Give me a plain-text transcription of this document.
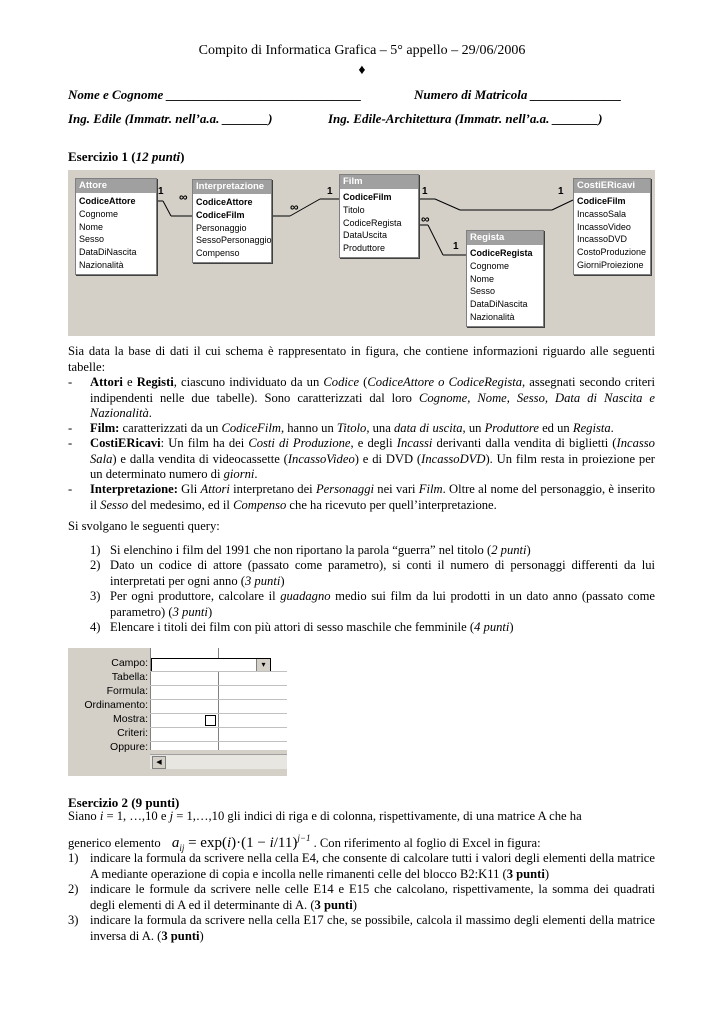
Compito di Informatica Grafica – 5° appello – 29/06/2006
♦
Nome e Cognome ______________________________	Numero di Matricola ______________
Ing. Edile (Immatr. nell’a.a. _______)	Ing. Edile-Architettura (Immatr. nell’a.a. _______)
Esercizio 1 (12 punti)
1 ∞
∞
1	1	1
∞
1
Attore
CodiceAttore
Cognome
Nome
Sesso
DataDiNascita
Nazionalità
Interpretazione
CodiceAttore
CodiceFilm
Personaggio
SessoPersonaggio
Compenso
Film
CodiceFilm
Titolo
CodiceRegista
DataUscita
Produttore
Regista
CodiceRegista
Cognome
Nome
Sesso
DataDiNascita
Nazionalità
CostiERicavi
CodiceFilm
IncassoSala
IncassoVideo
IncassoDVD
CostoProduzione
GiorniProiezione
Sia data la base di dati il cui schema è rappresentato in figura, che contiene informazioni riguardo alle seguenti tabelle:
- Attori e Registi, ciascuno individuato da un Codice (CodiceAttore o CodiceRegista, assegnati secondo criteri indipendenti nelle due tabelle). Sono caratterizzati dal loro Cognome, Nome, Sesso, Data di Nascita e Nazionalità.
- Film: caratterizzati da un CodiceFilm, hanno un Titolo, una data di uscita, un Produttore ed un Regista.
- CostiERicavi: Un film ha dei Costi di Produzione, e degli Incassi derivanti dalla vendita di biglietti (Incasso Sala) e dalla vendita di videocassette (IncassoVideo) e di DVD (IncassoDVD). Un film resta in proiezione per un determinato numero di giorni.
- Interpretazione: Gli Attori interpretano dei Personaggi nei vari Film. Oltre al nome del personaggio, è inserito il Sesso del medesimo, ed il Compenso che ha ricevuto per quell’interpretazione.
Si svolgano le seguenti query:
1) Si elenchino i film del 1991 che non riportano la parola “guerra” nel titolo (2 punti)
2) Dato un codice di attore (passato come parametro), si conti il numero di personaggi differenti da lui interpretati per ogni anno (3 punti)
3) Per ogni produttore, calcolare il guadagno medio sui film da lui prodotti in un dato anno (passato come parametro) (3 punti)
4) Elencare i titoli dei film con più attori di sesso maschile che femminile (4 punti)
▾
Campo:
Tabella:
Formula:
Ordinamento:
Mostra:
Criteri:
Oppure:
◀
Esercizio 2 (9 punti)
Siano i = 1, …,10 e j = 1,…,10 gli indici di riga e di colonna, rispettivamente, di una matrice A che ha
generico elemento $a_{ij} = \exp(i)\cdot(1 - i/11)^{j-1}$ . Con riferimento al foglio di Excel in figura:
1) indicare la formula da scrivere nella cella E4, che consente di calcolare tutti i valori degli elementi della matrice A mediante operazione di copia e incolla nelle rimanenti celle del blocco B2:K11 (3 punti)
2) indicare le formule da scrivere nelle celle E14 e E15 che calcolano, rispettivamente, la somma dei quadrati degli elementi di A ed il determinante di A. (3 punti)
3) indicare la formula da scrivere nella cella E17 che, se possibile, calcola il massimo degli elementi della matrice inversa di A. (3 punti)
